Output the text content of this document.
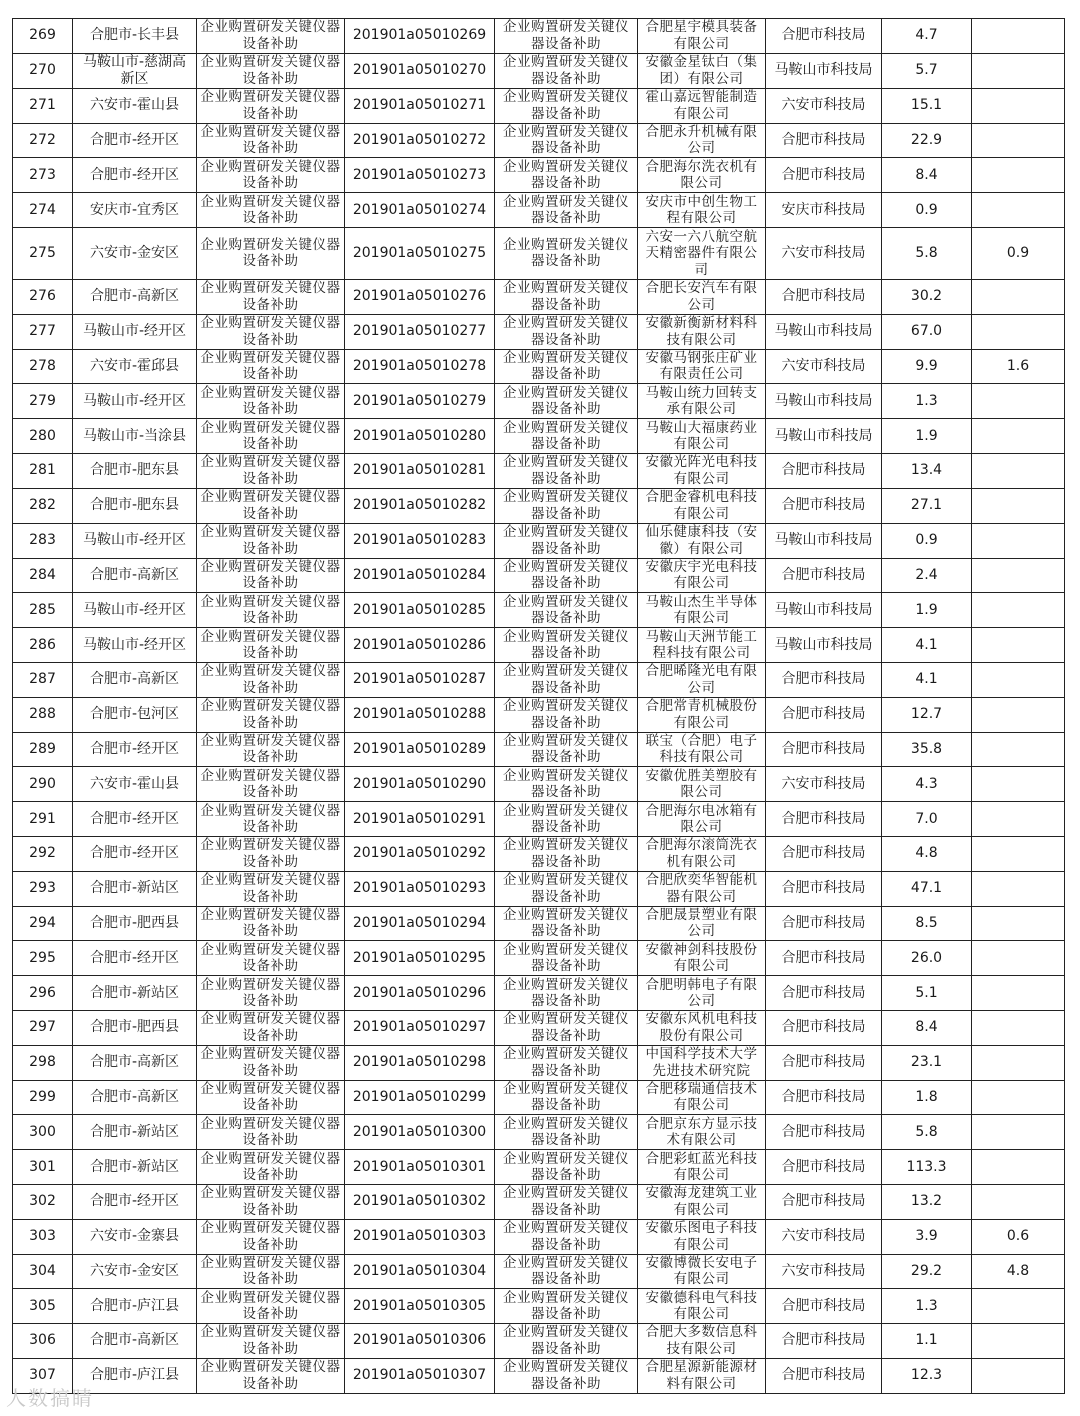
269	合肥市-长丰县	企业购置研发关键仪器设备补助	201901a05010269	企业购置研发关键仪器设备补助	合肥星宇模具装备有限公司	合肥市科技局	4.7	
270	马鞍山市-慈湖高新区	企业购置研发关键仪器设备补助	201901a05010270	企业购置研发关键仪器设备补助	安徽金星钛白（集团）有限公司	马鞍山市科技局	5.7	
271	六安市-霍山县	企业购置研发关键仪器设备补助	201901a05010271	企业购置研发关键仪器设备补助	霍山嘉远智能制造有限公司	六安市科技局	15.1	
272	合肥市-经开区	企业购置研发关键仪器设备补助	201901a05010272	企业购置研发关键仪器设备补助	合肥永升机械有限公司	合肥市科技局	22.9	
273	合肥市-经开区	企业购置研发关键仪器设备补助	201901a05010273	企业购置研发关键仪器设备补助	合肥海尔洗衣机有限公司	合肥市科技局	8.4	
274	安庆市-宜秀区	企业购置研发关键仪器设备补助	201901a05010274	企业购置研发关键仪器设备补助	安庆市中创生物工程有限公司	安庆市科技局	0.9	
275	六安市-金安区	企业购置研发关键仪器设备补助	201901a05010275	企业购置研发关键仪器设备补助	六安一六八航空航天精密器件有限公司	六安市科技局	5.8	0.9
276	合肥市-高新区	企业购置研发关键仪器设备补助	201901a05010276	企业购置研发关键仪器设备补助	合肥长安汽车有限公司	合肥市科技局	30.2	
277	马鞍山市-经开区	企业购置研发关键仪器设备补助	201901a05010277	企业购置研发关键仪器设备补助	安徽新衡新材料科技有限公司	马鞍山市科技局	67.0	
278	六安市-霍邱县	企业购置研发关键仪器设备补助	201901a05010278	企业购置研发关键仪器设备补助	安徽马钢张庄矿业有限责任公司	六安市科技局	9.9	1.6
279	马鞍山市-经开区	企业购置研发关键仪器设备补助	201901a05010279	企业购置研发关键仪器设备补助	马鞍山统力回转支承有限公司	马鞍山市科技局	1.3	
280	马鞍山市-当涂县	企业购置研发关键仪器设备补助	201901a05010280	企业购置研发关键仪器设备补助	马鞍山大福康药业有限公司	马鞍山市科技局	1.9	
281	合肥市-肥东县	企业购置研发关键仪器设备补助	201901a05010281	企业购置研发关键仪器设备补助	安徽光阵光电科技有限公司	合肥市科技局	13.4	
282	合肥市-肥东县	企业购置研发关键仪器设备补助	201901a05010282	企业购置研发关键仪器设备补助	合肥金睿机电科技有限公司	合肥市科技局	27.1	
283	马鞍山市-经开区	企业购置研发关键仪器设备补助	201901a05010283	企业购置研发关键仪器设备补助	仙乐健康科技（安徽）有限公司	马鞍山市科技局	0.9	
284	合肥市-高新区	企业购置研发关键仪器设备补助	201901a05010284	企业购置研发关键仪器设备补助	安徽庆宇光电科技有限公司	合肥市科技局	2.4	
285	马鞍山市-经开区	企业购置研发关键仪器设备补助	201901a05010285	企业购置研发关键仪器设备补助	马鞍山杰生半导体有限公司	马鞍山市科技局	1.9	
286	马鞍山市-经开区	企业购置研发关键仪器设备补助	201901a05010286	企业购置研发关键仪器设备补助	马鞍山天洲节能工程科技有限公司	马鞍山市科技局	4.1	
287	合肥市-高新区	企业购置研发关键仪器设备补助	201901a05010287	企业购置研发关键仪器设备补助	合肥晞隆光电有限公司	合肥市科技局	4.1	
288	合肥市-包河区	企业购置研发关键仪器设备补助	201901a05010288	企业购置研发关键仪器设备补助	合肥常青机械股份有限公司	合肥市科技局	12.7	
289	合肥市-经开区	企业购置研发关键仪器设备补助	201901a05010289	企业购置研发关键仪器设备补助	联宝（合肥）电子科技有限公司	合肥市科技局	35.8	
290	六安市-霍山县	企业购置研发关键仪器设备补助	201901a05010290	企业购置研发关键仪器设备补助	安徽优胜美塑胶有限公司	六安市科技局	4.3	
291	合肥市-经开区	企业购置研发关键仪器设备补助	201901a05010291	企业购置研发关键仪器设备补助	合肥海尔电冰箱有限公司	合肥市科技局	7.0	
292	合肥市-经开区	企业购置研发关键仪器设备补助	201901a05010292	企业购置研发关键仪器设备补助	合肥海尔滚筒洗衣机有限公司	合肥市科技局	4.8	
293	合肥市-新站区	企业购置研发关键仪器设备补助	201901a05010293	企业购置研发关键仪器设备补助	合肥欣奕华智能机器有限公司	合肥市科技局	47.1	
294	合肥市-肥西县	企业购置研发关键仪器设备补助	201901a05010294	企业购置研发关键仪器设备补助	合肥晟景塑业有限公司	合肥市科技局	8.5	
295	合肥市-经开区	企业购置研发关键仪器设备补助	201901a05010295	企业购置研发关键仪器设备补助	安徽神剑科技股份有限公司	合肥市科技局	26.0	
296	合肥市-新站区	企业购置研发关键仪器设备补助	201901a05010296	企业购置研发关键仪器设备补助	合肥明韩电子有限公司	合肥市科技局	5.1	
297	合肥市-肥西县	企业购置研发关键仪器设备补助	201901a05010297	企业购置研发关键仪器设备补助	安徽东风机电科技股份有限公司	合肥市科技局	8.4	
298	合肥市-高新区	企业购置研发关键仪器设备补助	201901a05010298	企业购置研发关键仪器设备补助	中国科学技术大学先进技术研究院	合肥市科技局	23.1	
299	合肥市-高新区	企业购置研发关键仪器设备补助	201901a05010299	企业购置研发关键仪器设备补助	合肥移瑞通信技术有限公司	合肥市科技局	1.8	
300	合肥市-新站区	企业购置研发关键仪器设备补助	201901a05010300	企业购置研发关键仪器设备补助	合肥京东方显示技术有限公司	合肥市科技局	5.8	
301	合肥市-新站区	企业购置研发关键仪器设备补助	201901a05010301	企业购置研发关键仪器设备补助	合肥彩虹蓝光科技有限公司	合肥市科技局	113.3	
302	合肥市-经开区	企业购置研发关键仪器设备补助	201901a05010302	企业购置研发关键仪器设备补助	安徽海龙建筑工业有限公司	合肥市科技局	13.2	
303	六安市-金寨县	企业购置研发关键仪器设备补助	201901a05010303	企业购置研发关键仪器设备补助	安徽乐图电子科技有限公司	六安市科技局	3.9	0.6
304	六安市-金安区	企业购置研发关键仪器设备补助	201901a05010304	企业购置研发关键仪器设备补助	安徽博微长安电子有限公司	六安市科技局	29.2	4.8
305	合肥市-庐江县	企业购置研发关键仪器设备补助	201901a05010305	企业购置研发关键仪器设备补助	安徽德科电气科技有限公司	合肥市科技局	1.3	
306	合肥市-高新区	企业购置研发关键仪器设备补助	201901a05010306	企业购置研发关键仪器设备补助	合肥大多数信息科技有限公司	合肥市科技局	1.1	
307	合肥市-庐江县	企业购置研发关键仪器设备补助	201901a05010307	企业购置研发关键仪器设备补助	合肥星源新能源材料有限公司	合肥市科技局	12.3	
人数搞睛
